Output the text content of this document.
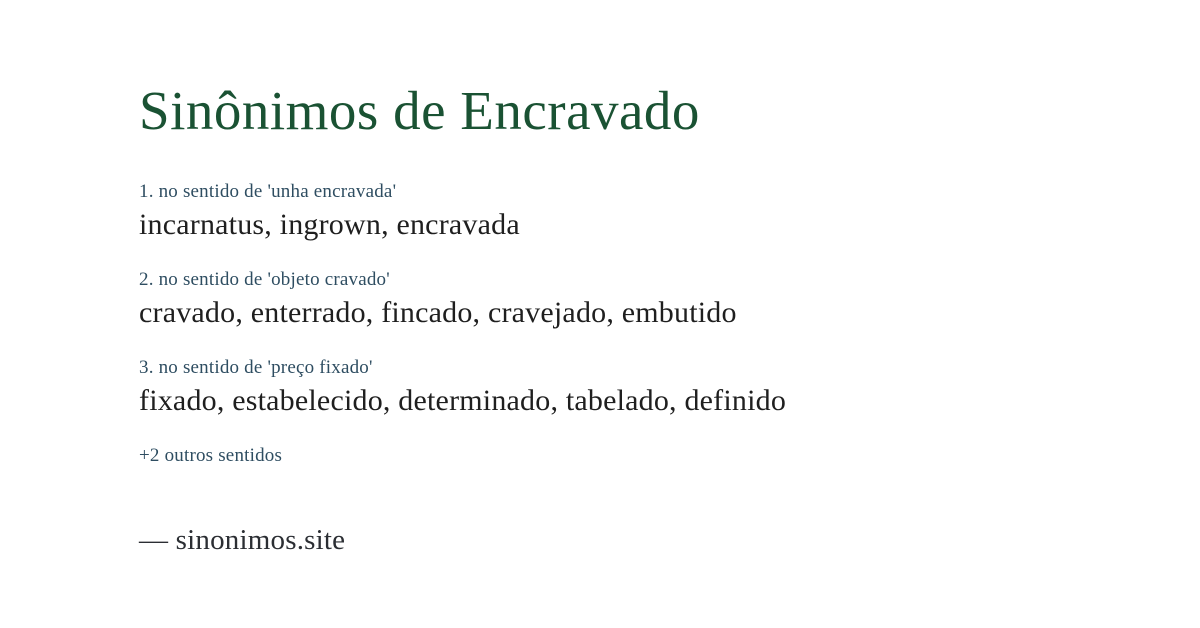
Sinônimos de Encravado
1. no sentido de 'unha encravada'
incarnatus, ingrown, encravada
2. no sentido de 'objeto cravado'
cravado, enterrado, fincado, cravejado, embutido
3. no sentido de 'preço fixado'
fixado, estabelecido, determinado, tabelado, definido
+2 outros sentidos
— sinonimos.site
